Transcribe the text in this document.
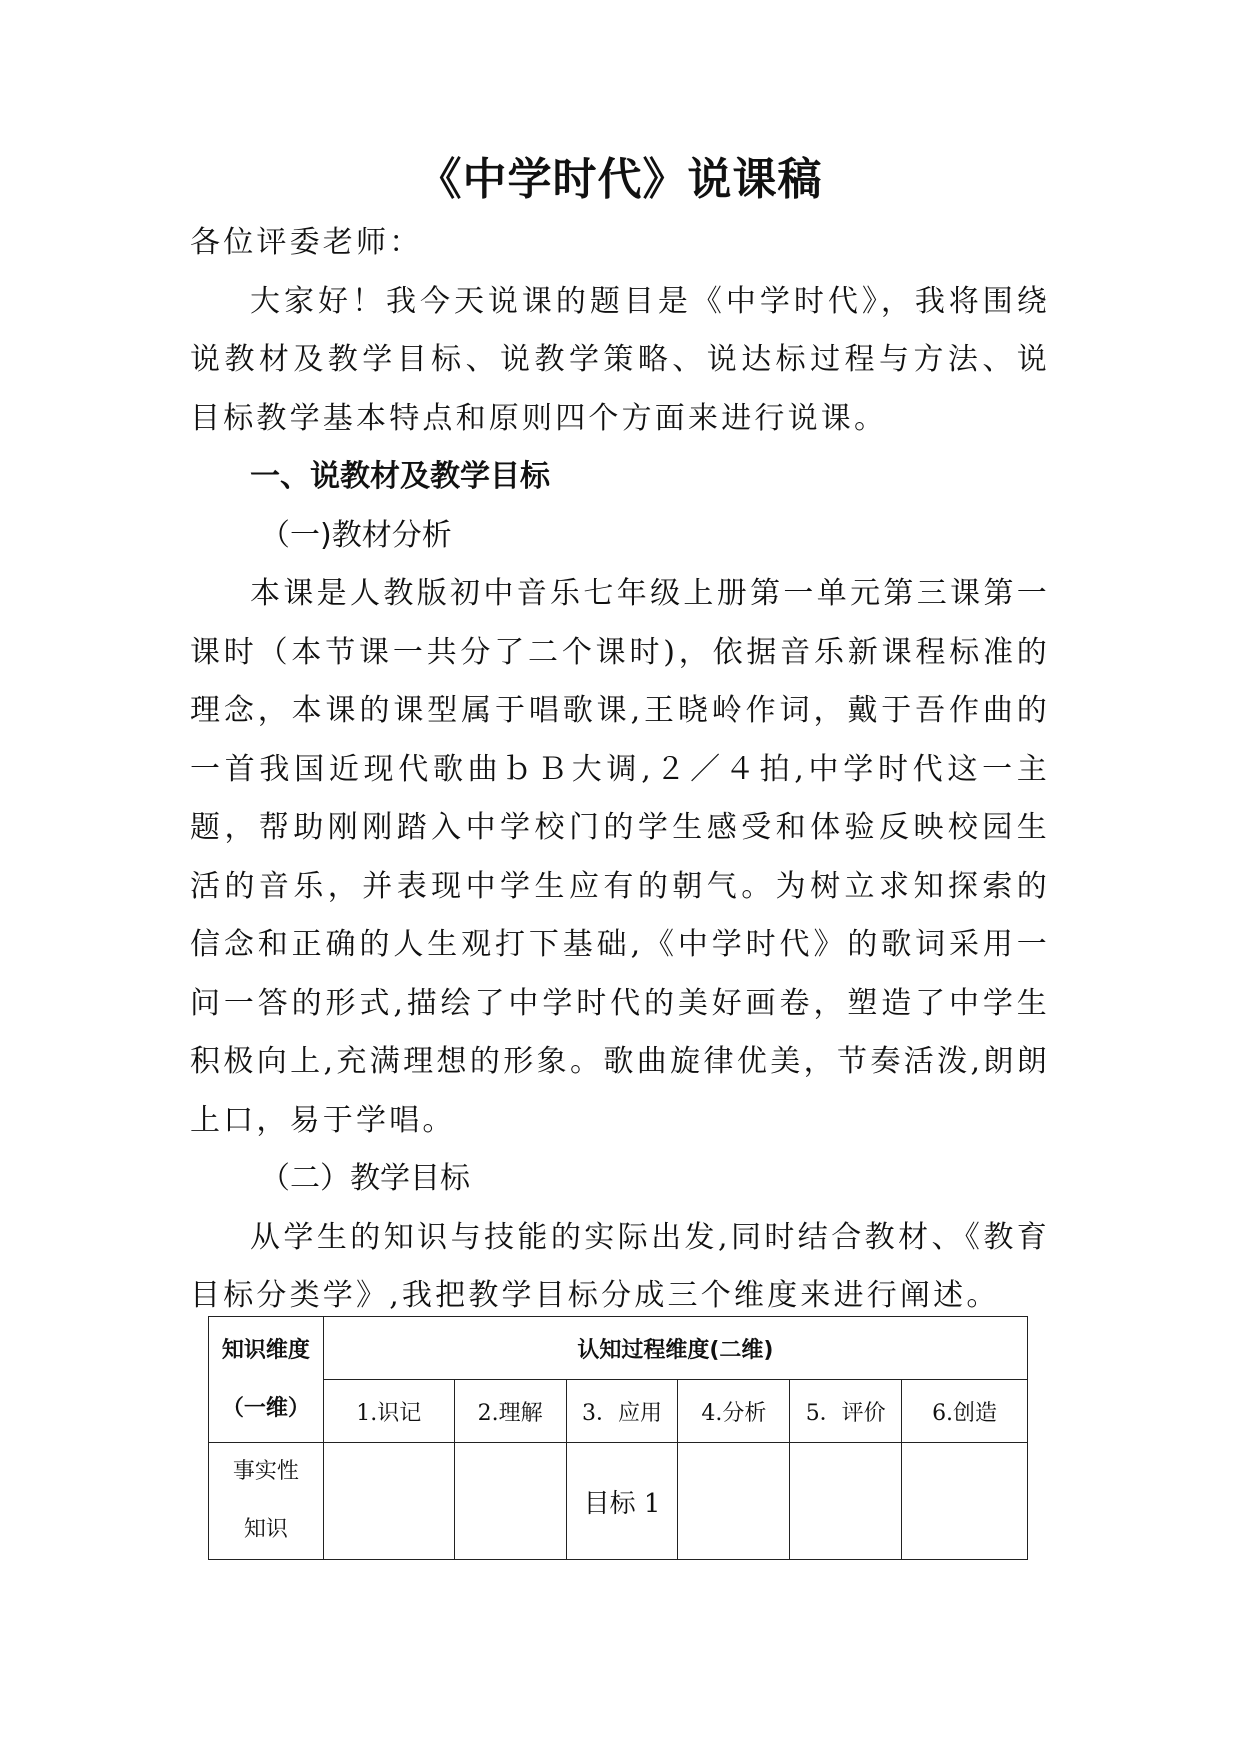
《中学时代》说课稿

各位评委老师：

大家好！我今天说课的题目是《中学时代》，我将围绕说教材及教学目标、说教学策略、说达标过程与方法、说目标教学基本特点和原则四个方面来进行说课。

一、说教材及教学目标

（一)教材分析

本课是人教版初中音乐七年级上册第一单元第三课第一课时（本节课一共分了二个课时)，依据音乐新课程标准的理念，本课的课型属于唱歌课,王晓岭作词，戴于吾作曲的一首我国近现代歌曲ｂＢ大调,２／４拍,中学时代这一主题，帮助刚刚踏入中学校门的学生感受和体验反映校园生活的音乐，并表现中学生应有的朝气。为树立求知探索的信念和正确的人生观打下基础,《中学时代》的歌词采用一问一答的形式,描绘了中学时代的美好画卷，塑造了中学生积极向上,充满理想的形象。歌曲旋律优美，节奏活泼,朗朗上口，易于学唱。

（二）教学目标

从学生的知识与技能的实际出发,同时结合教材、《教育目标分类学》,我把教学目标分成三个维度来进行阐述。

知识维度
（一维）	认知过程维度(二维)					
	1.识记	2.理解	3．应用	4.分析	5．评价	6.创造

事实性
知识			目标 1			
